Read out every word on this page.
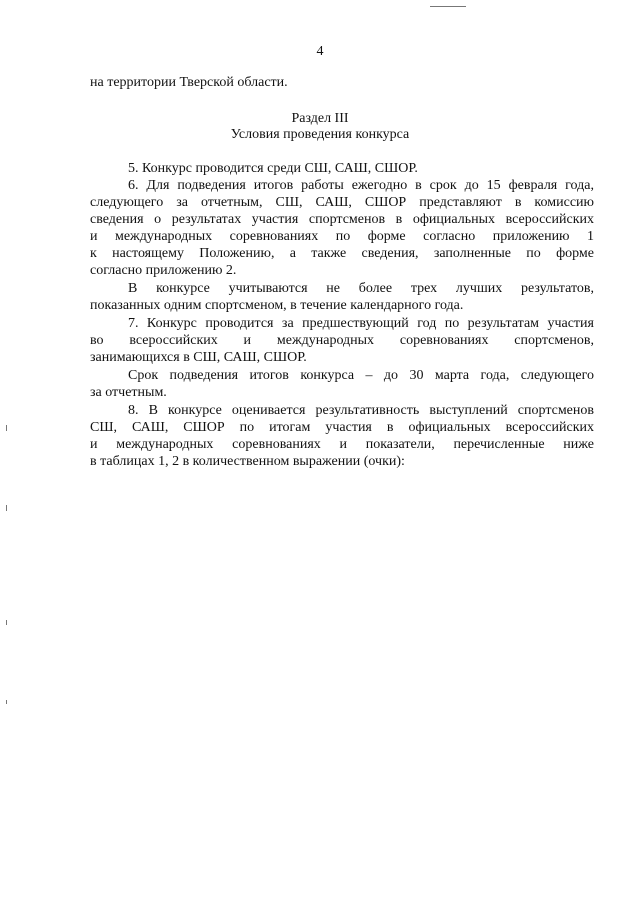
4
на территории Тверской области.
Раздел III
Условия проведения конкурса
5. Конкурс проводится среди СШ, САШ, СШОР.
6. Для подведения итогов работы ежегодно в срок до 15 февраля года,
следующего за отчетным, СШ, САШ, СШОР представляют в комиссию
сведения о результатах участия спортсменов в официальных всероссийских
и международных соревнованиях по форме согласно приложению 1
к настоящему Положению, а также сведения, заполненные по форме
согласно приложению 2.
В конкурсе учитываются не более трех лучших результатов,
показанных одним спортсменом, в течение календарного года.
7. Конкурс проводится за предшествующий год по результатам участия
во всероссийских и международных соревнованиях спортсменов,
занимающихся в СШ, САШ, СШОР.
Срок подведения итогов конкурса – до 30 марта года, следующего
за отчетным.
8. В конкурсе оценивается результативность выступлений спортсменов
СШ, САШ, СШОР по итогам участия в официальных всероссийских
и международных соревнованиях и показатели, перечисленные ниже
в таблицах 1, 2 в количественном выражении (очки):
